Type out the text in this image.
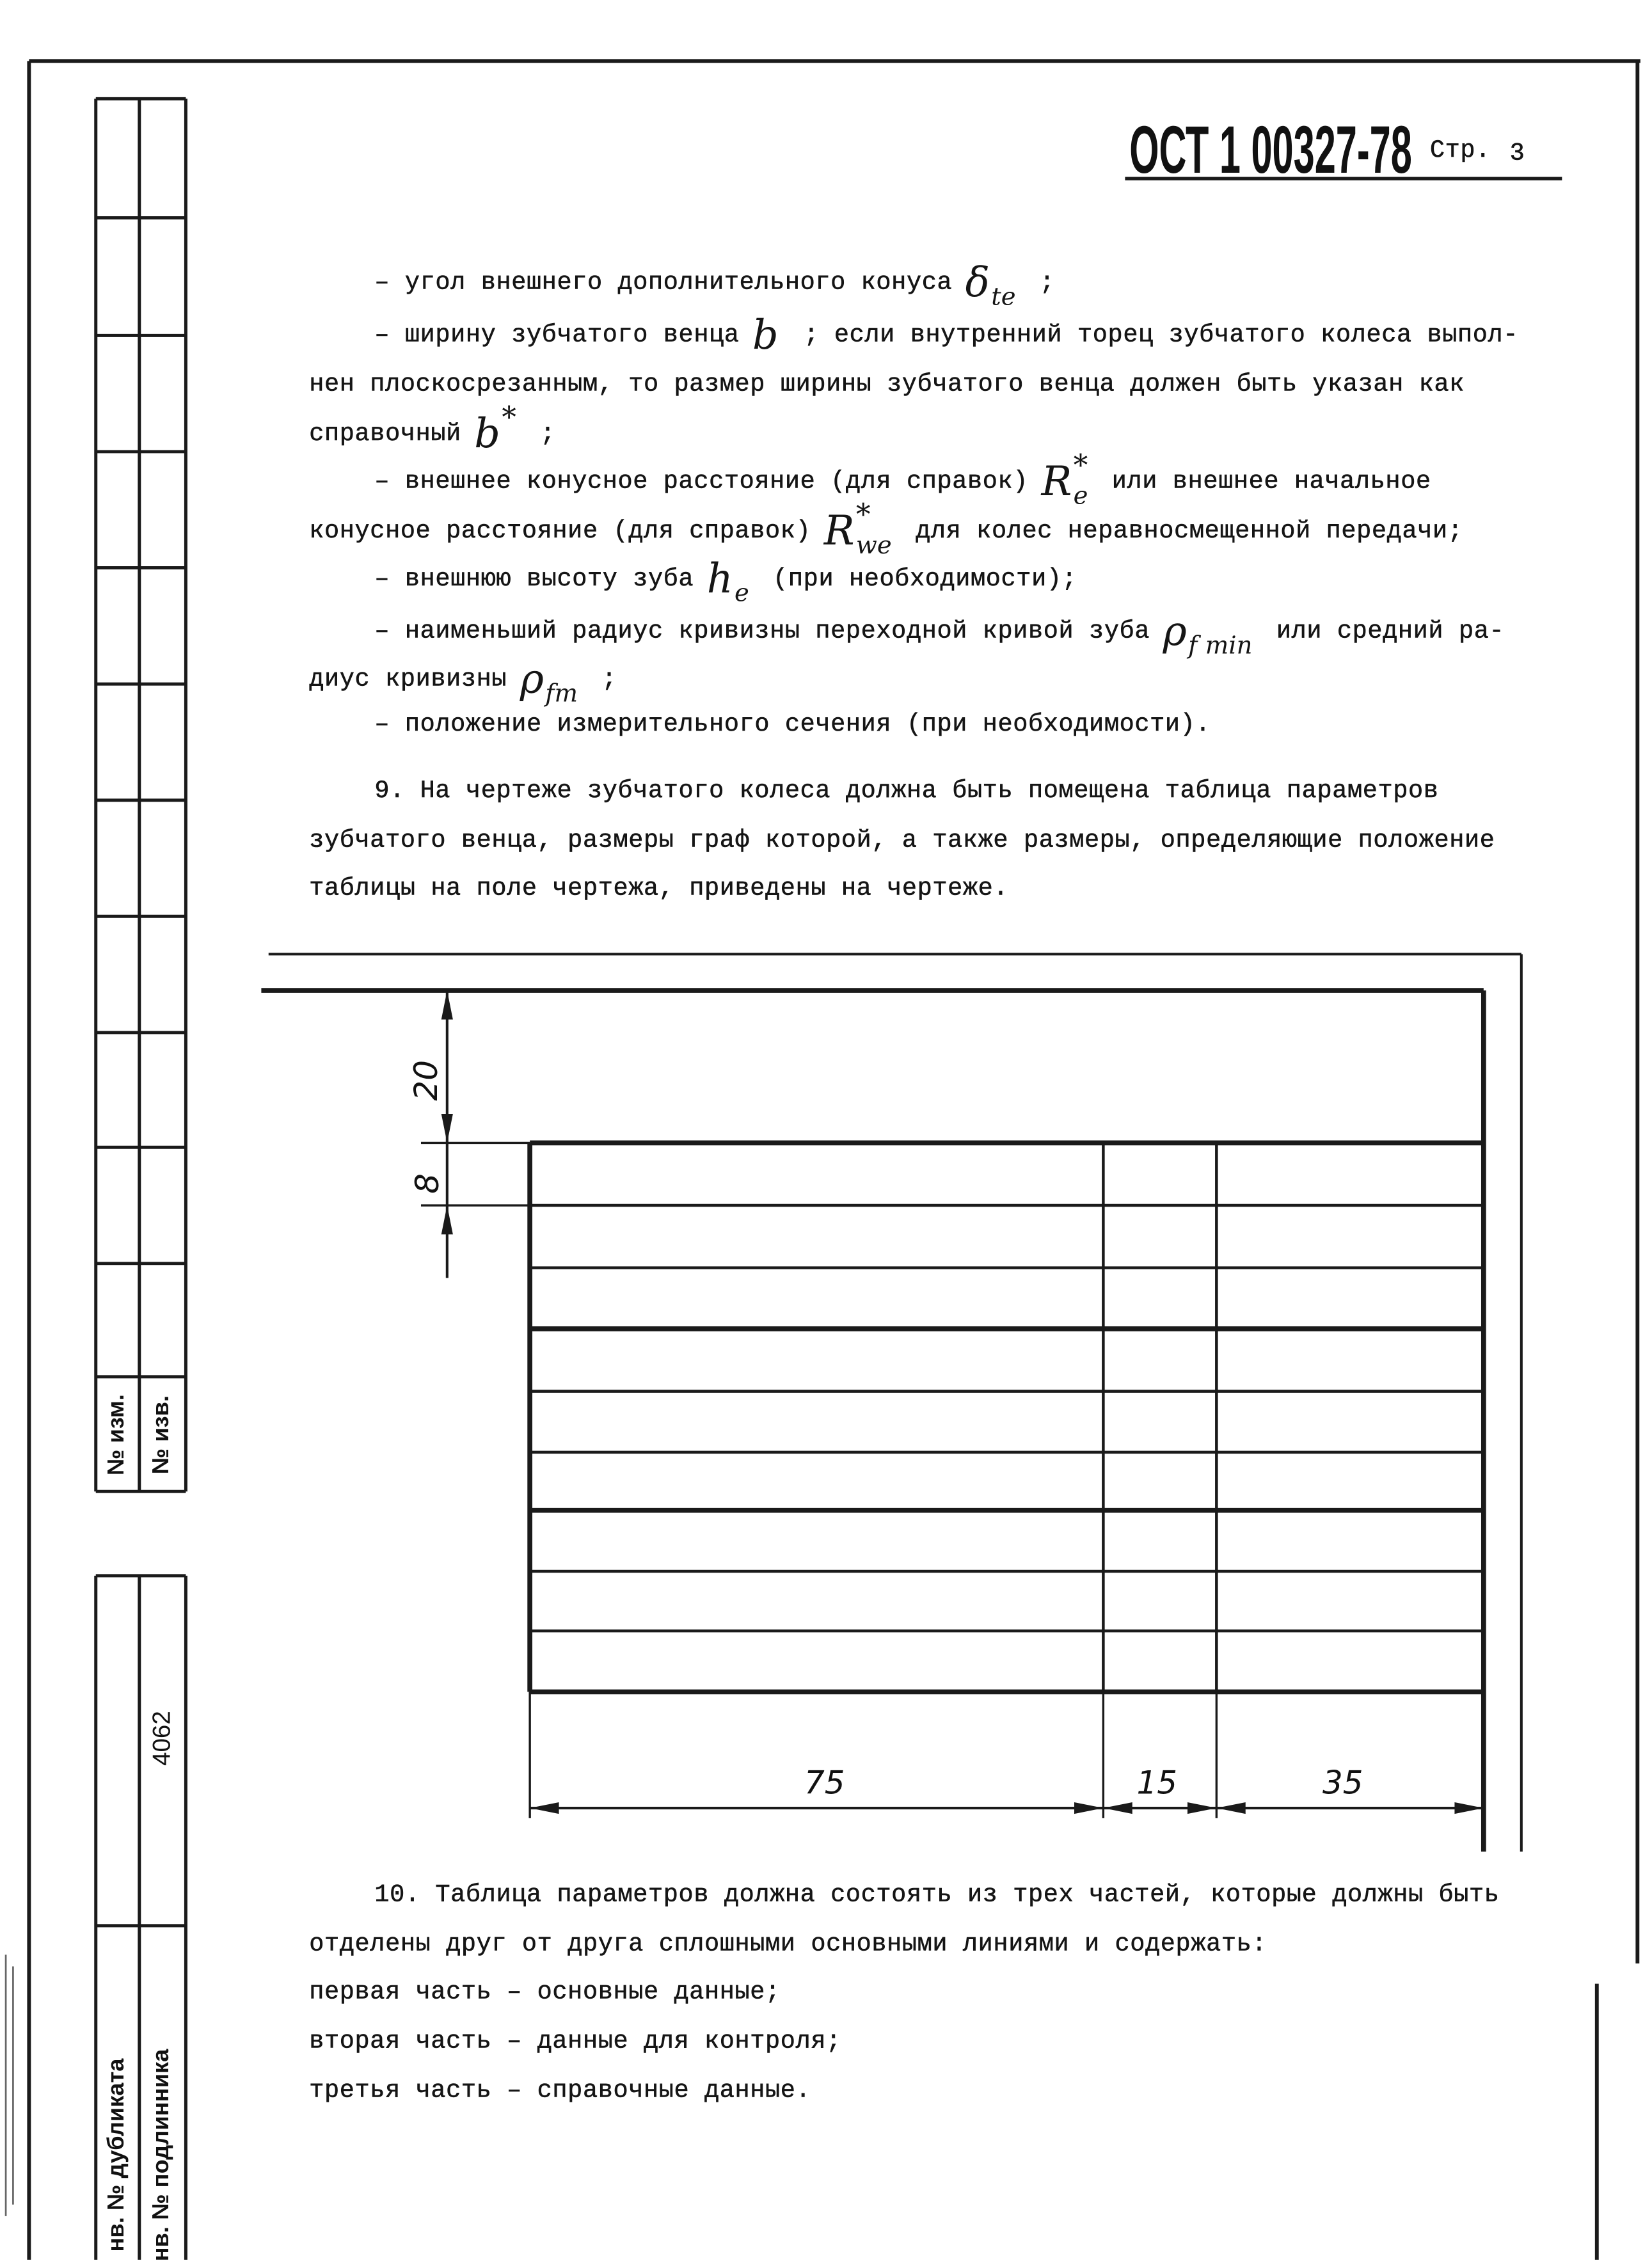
№ изм. № изв.
4062
нв. № дубликата нв. № подлинника
ОСТ 1 00327-78 Стр. 3
– угол внешнего дополнительного конуса δ te ;
– ширину зубчатого венца b
; если внутренний торец зубчатого колеса выпол-
нен плоскосрезанным, то размер ширины зубчатого венца должен быть указан как
справочный b *
;
– внешнее конусное расстояние (для справок) R *
e или внешнее начальное
конусное расстояние (для справок) R *
we для колес неравносмещенной передачи;
– внешнюю высоту зуба h e (при необходимости);
– наименьший радиус кривизны переходной кривой зуба ρ f min или средний ра-
диус кривизны ρ fm ;
– положение измерительного сечения (при необходимости).
9. На чертеже зубчатого колеса должна быть помещена таблица параметров
зубчатого венца, размеры граф которой, а также размеры, определяющие положение
таблицы на поле чертежа, приведены на чертеже.
20
8
75	15	35
10. Таблица параметров должна состоять из трех частей, которые должны быть
отделены друг от друга сплошными основными линиями и содержать:
первая часть – основные данные;
вторая часть – данные для контроля;
третья часть – справочные данные.
